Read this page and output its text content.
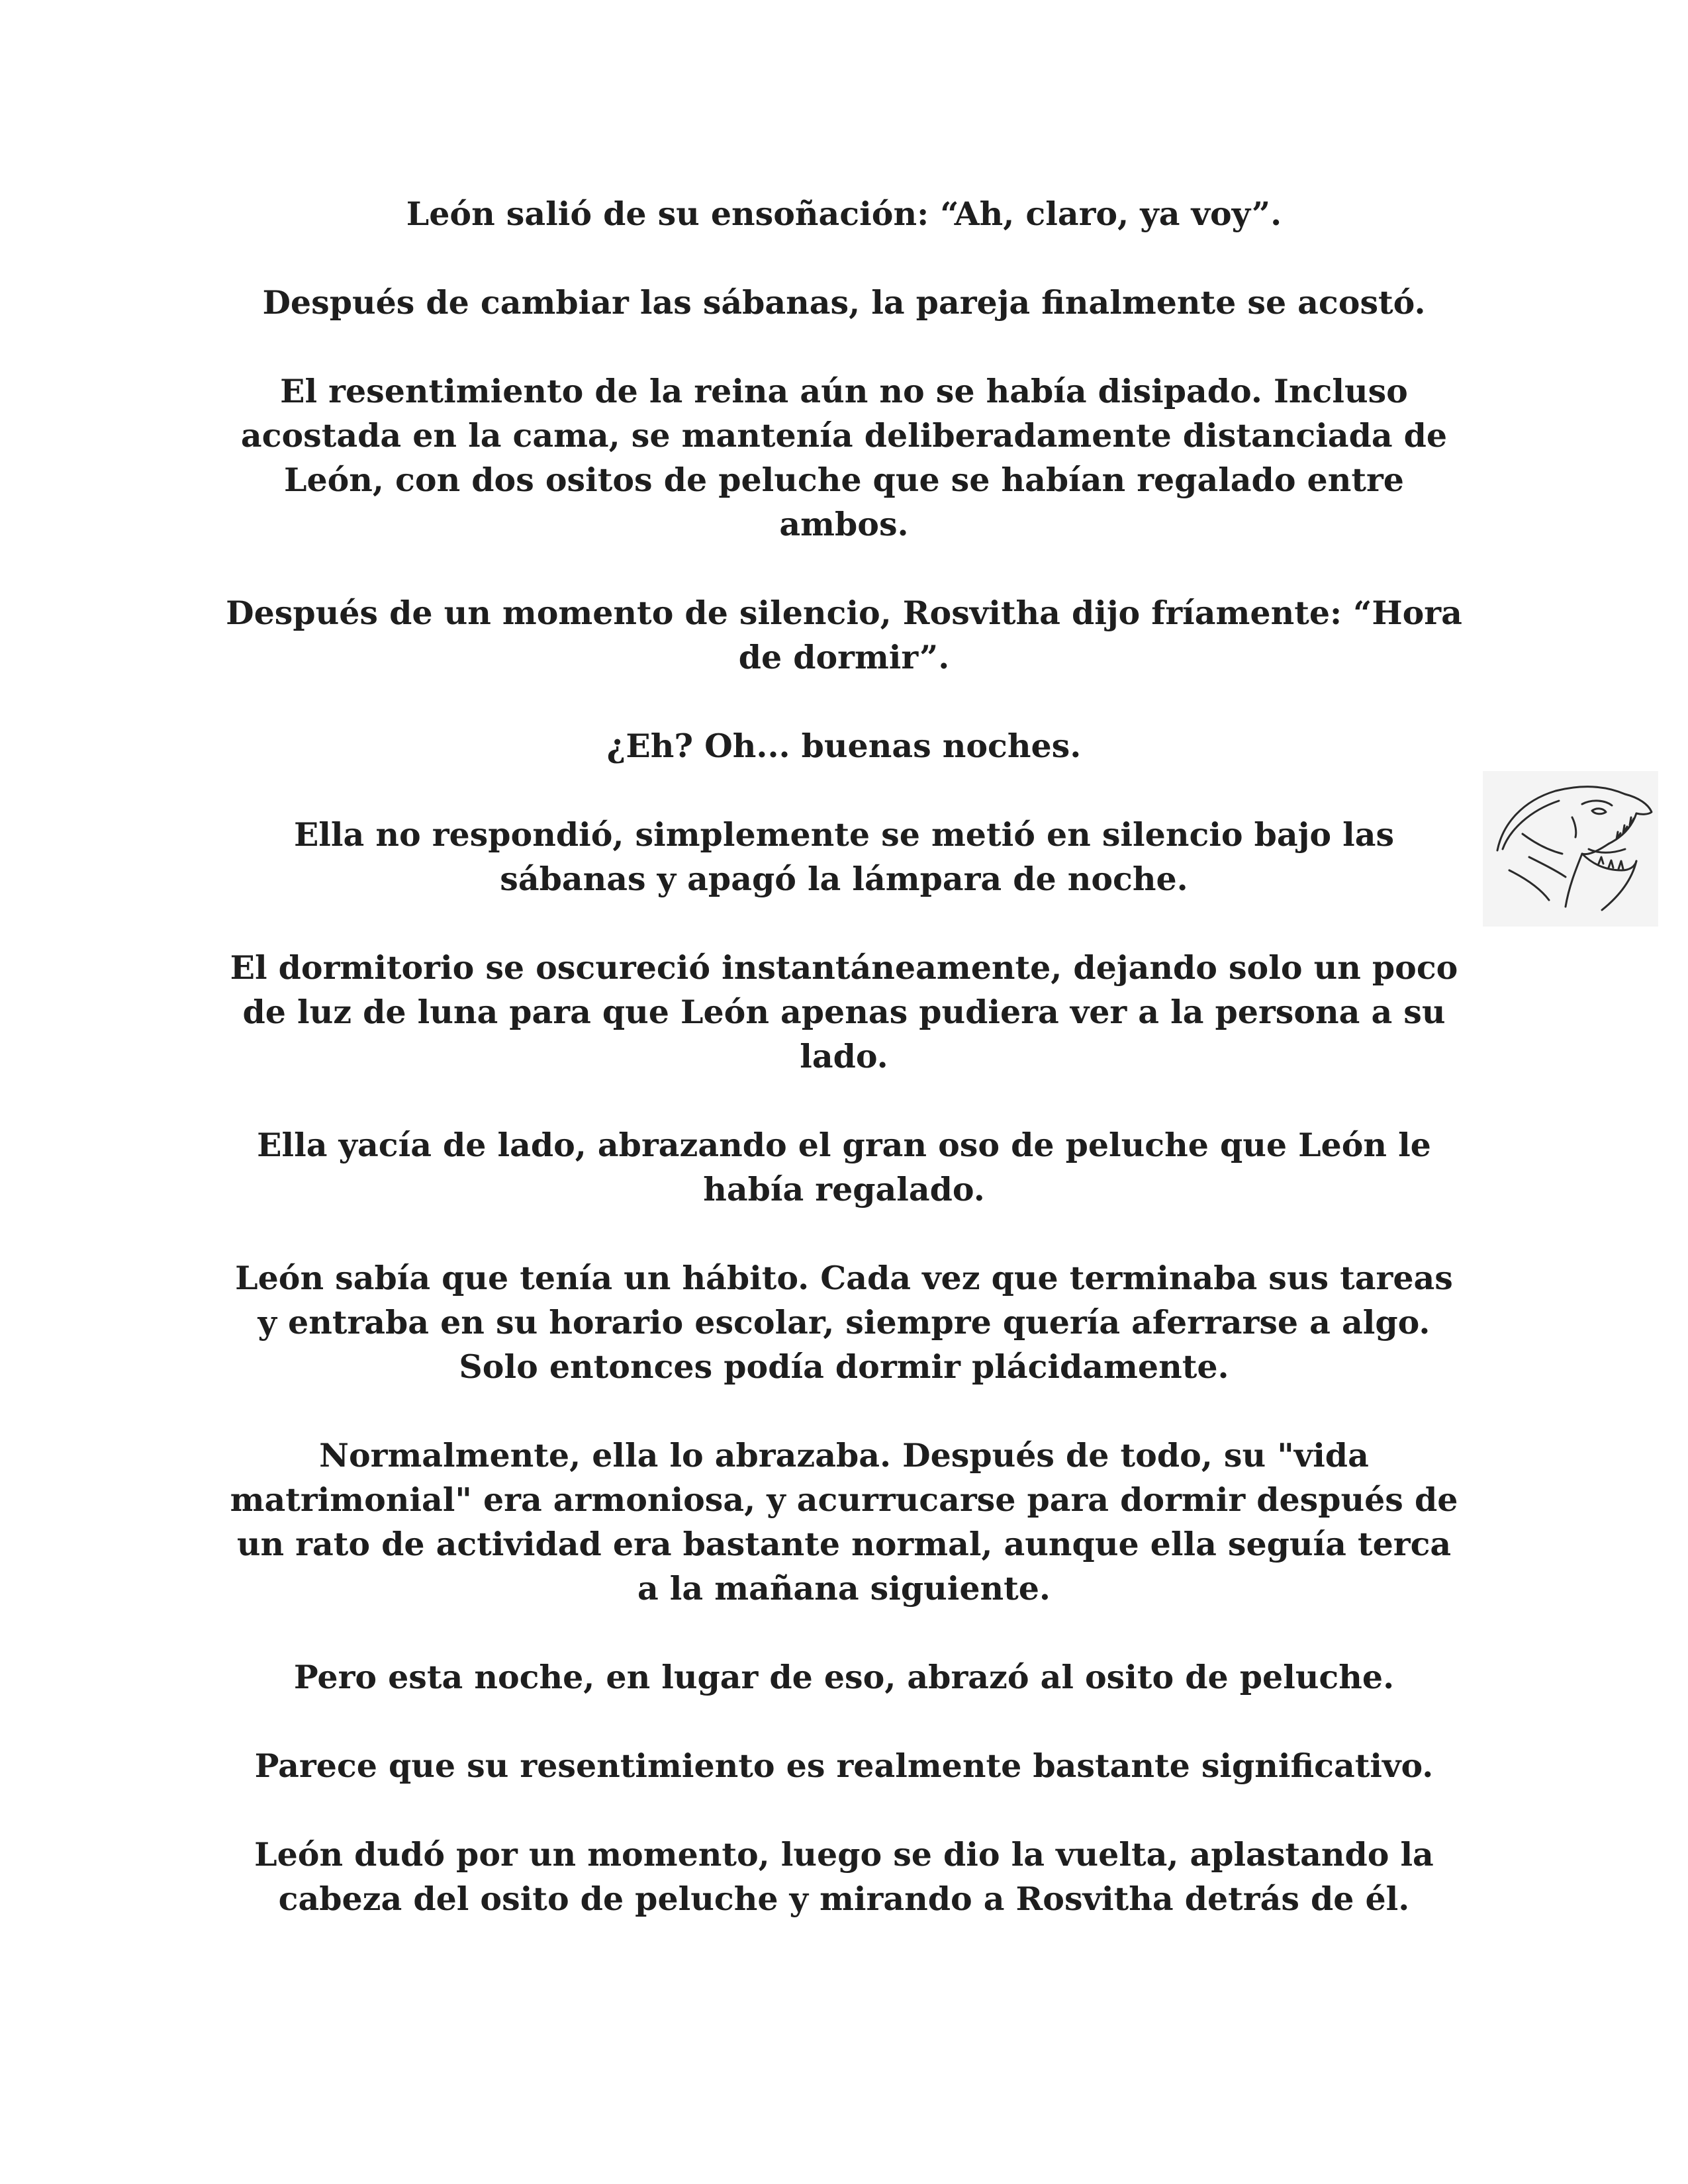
León salió de su ensoñación: “Ah, claro, ya voy”.

Después de cambiar las sábanas, la pareja finalmente se acostó.

El resentimiento de la reina aún no se había disipado. Incluso acostada en la cama, se mantenía deliberadamente distanciada de León, con dos ositos de peluche que se habían regalado entre ambos.

Después de un momento de silencio, Rosvitha dijo fríamente: “Hora de dormir”.

¿Eh? Oh... buenas noches.

Ella no respondió, simplemente se metió en silencio bajo las sábanas y apagó la lámpara de noche.

El dormitorio se oscureció instantáneamente, dejando solo un poco de luz de luna para que León apenas pudiera ver a la persona a su lado.

Ella yacía de lado, abrazando el gran oso de peluche que León le había regalado.

León sabía que tenía un hábito. Cada vez que terminaba sus tareas y entraba en su horario escolar, siempre quería aferrarse a algo. Solo entonces podía dormir plácidamente.

Normalmente, ella lo abrazaba. Después de todo, su "vida matrimonial" era armoniosa, y acurrucarse para dormir después de un rato de actividad era bastante normal, aunque ella seguía terca a la mañana siguiente.

Pero esta noche, en lugar de eso, abrazó al osito de peluche.

Parece que su resentimiento es realmente bastante significativo.

León dudó por un momento, luego se dio la vuelta, aplastando la cabeza del osito de peluche y mirando a Rosvitha detrás de él.
